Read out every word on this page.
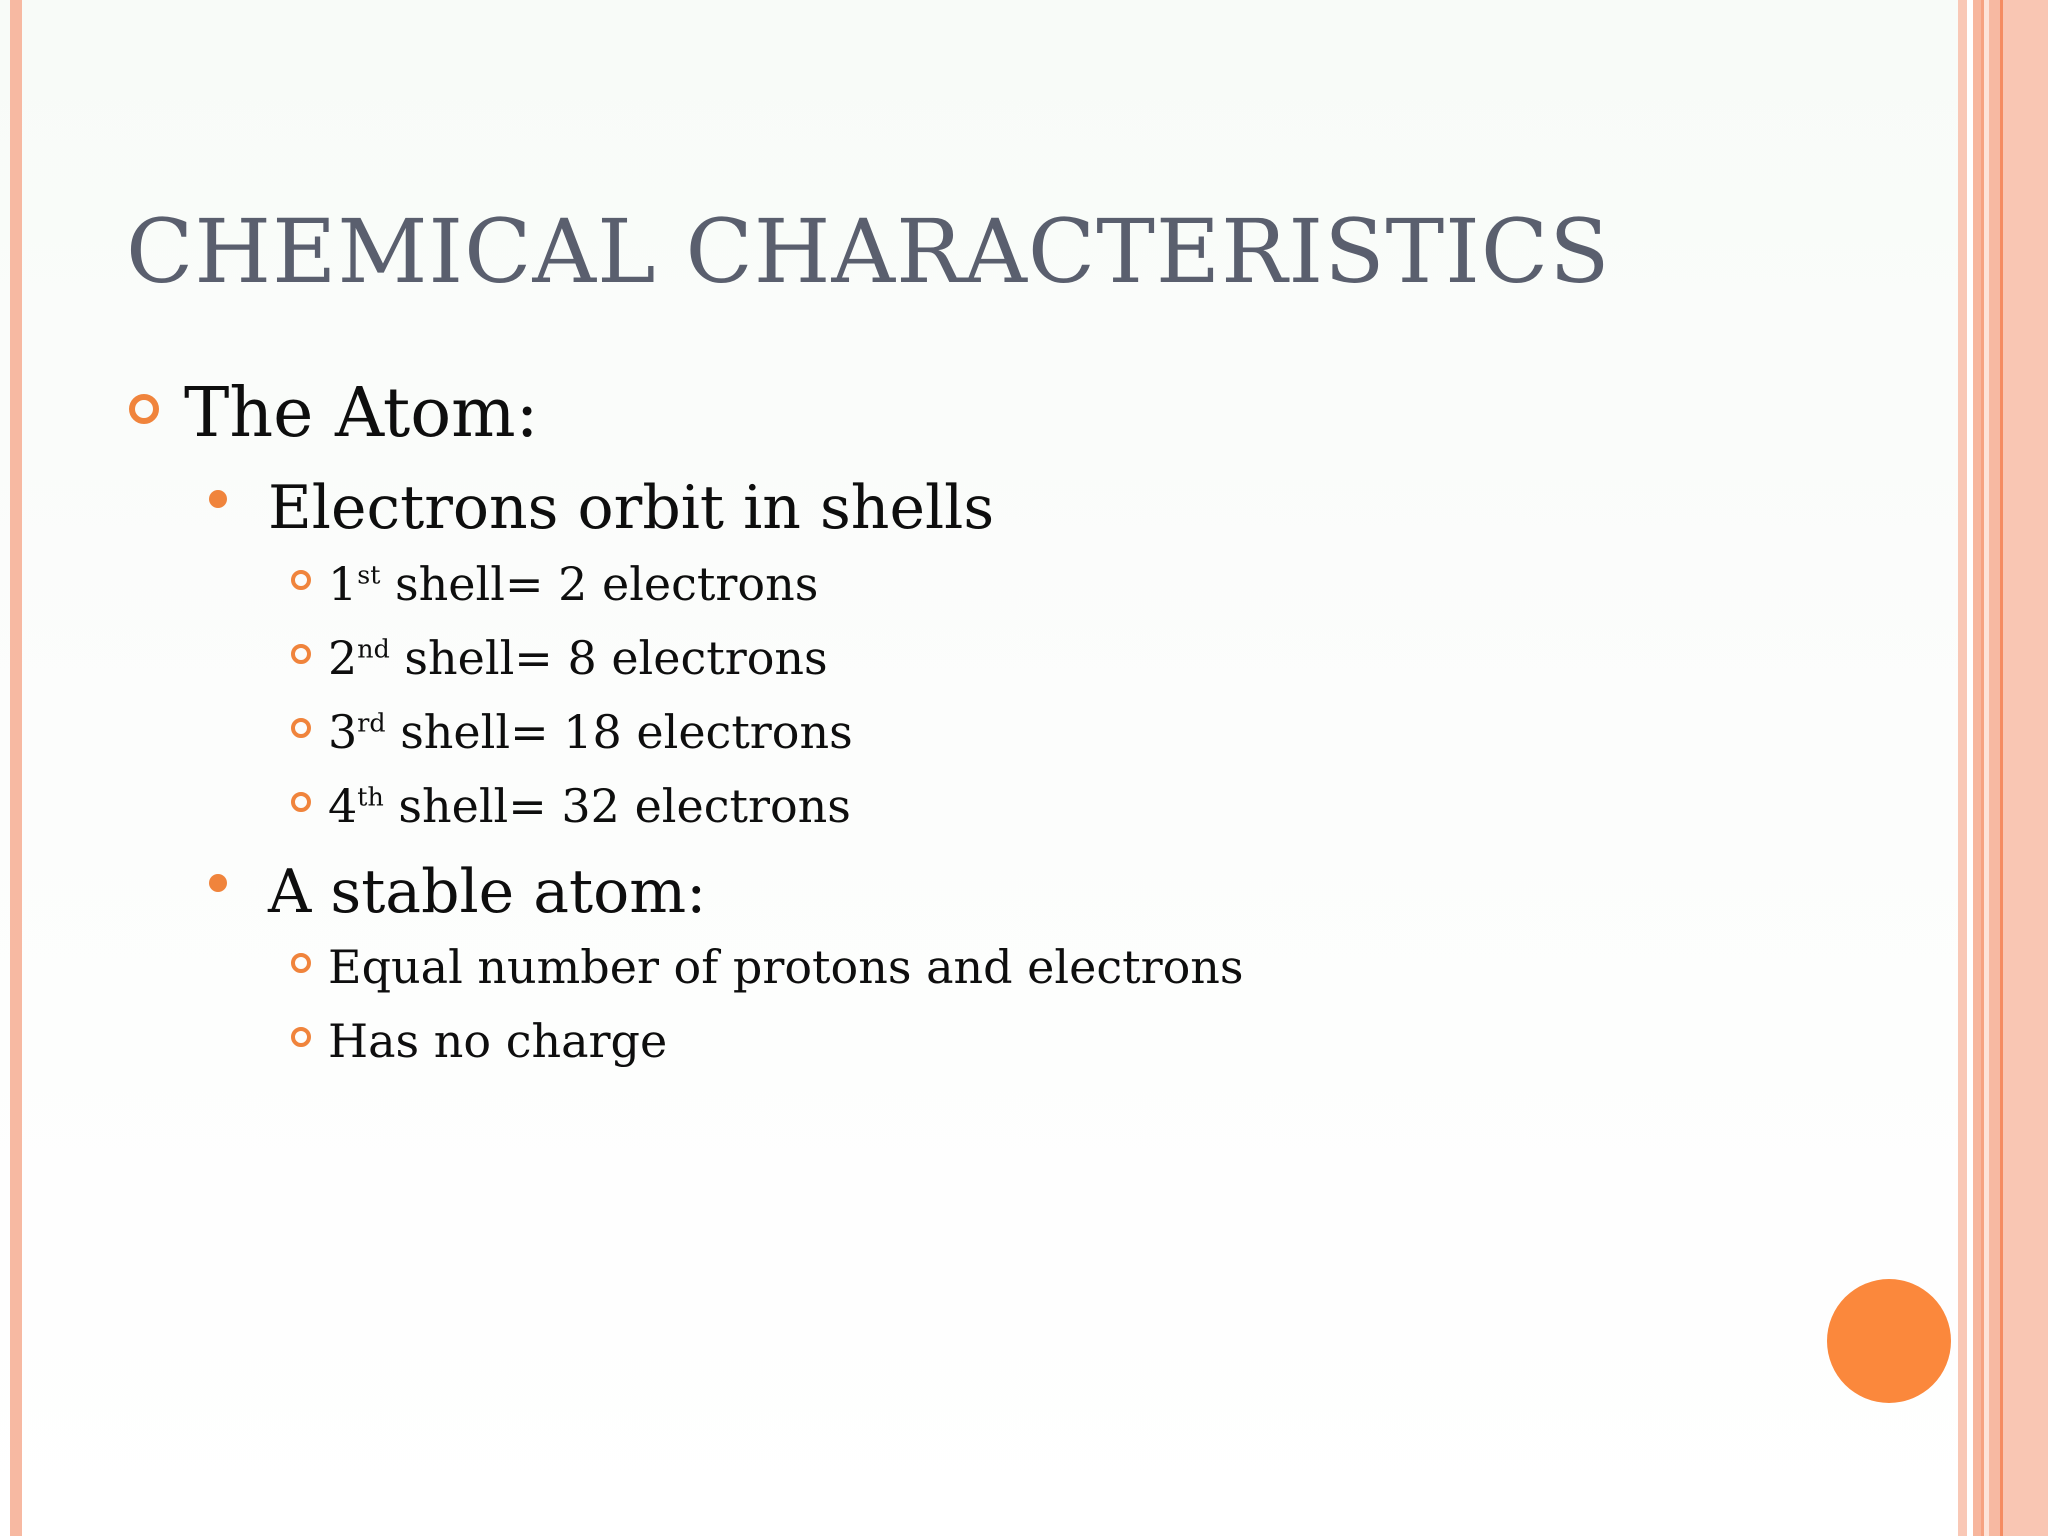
CHEMICAL CHARACTERISTICS
The Atom:
Electrons orbit in shells
1st shell= 2 electrons
2nd shell= 8 electrons
3rd shell= 18 electrons
4th shell= 32 electrons
A stable atom:
Equal number of protons and electrons
Has no charge
